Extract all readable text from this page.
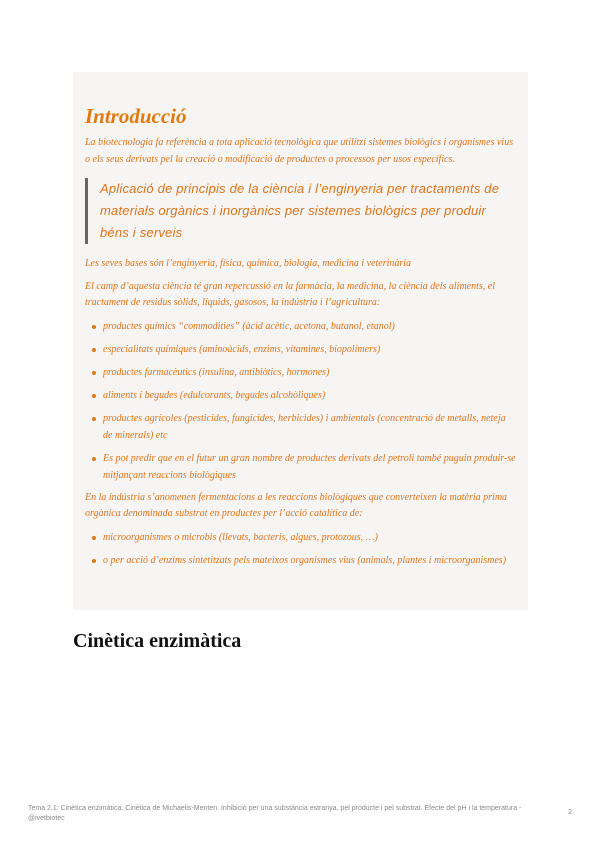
Introducció

La biotecnologia fa referència a tota aplicació tecnològica que utilitzi sistemes biològics i organismes vius o els seus derivats pel la creació o modificació de productes o processos per usos específics.

Aplicació de principis de la ciència i l’enginyeria per tractaments de materials orgànics i inorgànics per sistemes biològics per produir béns i serveis

Les seves bases són l’enginyeria, física, química, biologia, medicina i veterinària

El camp d’aquesta ciència té gran repercussió en la farmàcia, la medicina, la ciència dels aliments, el tractament de residus sòlids, líquids, gasosos, la indústria i l’agricultura:

productes químics “commodities” (àcid acètic, acetona, butanol, etanol)
especialitats químiques (aminoàcids, enzims, vitamines, biopolímers)
productes farmacèutics (insulina, antibiòtics, hormones)
aliments i begudes (edulcorants, begudes alcohòliques)
productes agrícoles (pesticides, fungicides, herbicides) i ambientals (concentració de metalls, neteja de minerals) etc
Es pot predir que en el futur un gran nombre de productes derivats del petroli també puguin produir-se mitjançant reaccions biològiques

En la indústria s’anomenen fermentacions a les reaccions biològiques que converteixen la matèria prima orgànica denominada substrat en productes per l’acció catalítica de:

microorganismes o microbis (llevats, bacteris, algues, protozous, …)
o per acció d’enzims sintetitzats pels mateixos organismes vius (animals, plantes i microorganismes)
Cinètica enzimàtica
Tema 2.1: Cinètica enzimàtica. Cinètica de Michaelis-Menten. Inhibició per una substància estranya, pel producte i pel substrat. Efecte del pH i la temperatura - @ivetbiotec
2
